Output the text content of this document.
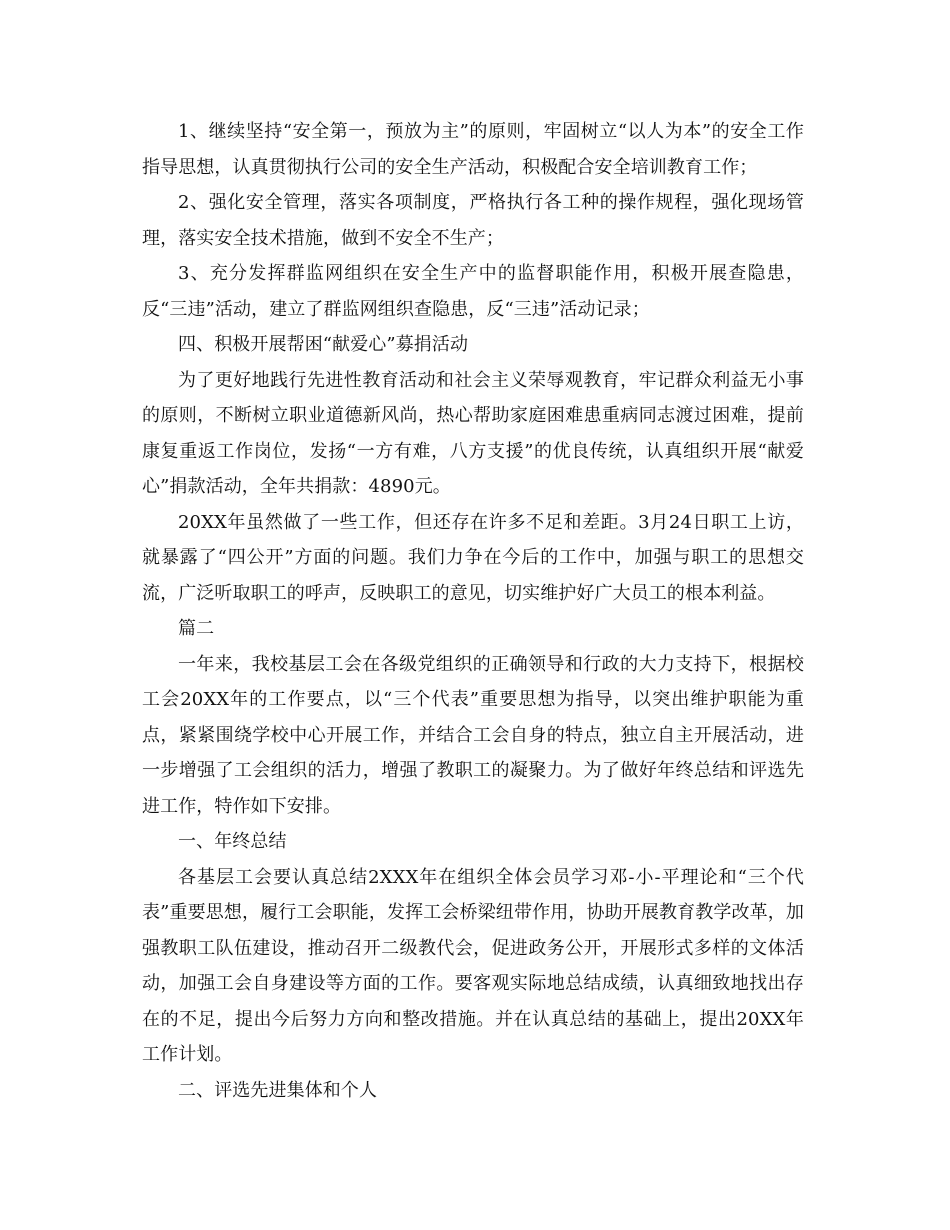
1、继续坚持“安全第一，预放为主”的原则，牢固树立“以人为本”的安全工作指导思想，认真贯彻执行公司的安全生产活动，积极配合安全培训教育工作；

2、强化安全管理，落实各项制度，严格执行各工种的操作规程，强化现场管理，落实安全技术措施，做到不安全不生产；

3、充分发挥群监网组织在安全生产中的监督职能作用，积极开展查隐患，反“三违”活动，建立了群监网组织查隐患，反“三违”活动记录；

四、积极开展帮困“献爱心”募捐活动

为了更好地践行先进性教育活动和社会主义荣辱观教育，牢记群众利益无小事的原则，不断树立职业道德新风尚，热心帮助家庭困难患重病同志渡过困难，提前康复重返工作岗位，发扬“一方有难，八方支援”的优良传统，认真组织开展“献爱心”捐款活动，全年共捐款：4890元。

20XX年虽然做了一些工作，但还存在许多不足和差距。3月24日职工上访，就暴露了“四公开”方面的问题。我们力争在今后的工作中，加强与职工的思想交流，广泛听取职工的呼声，反映职工的意见，切实维护好广大员工的根本利益。

篇二

一年来，我校基层工会在各级党组织的正确领导和行政的大力支持下，根据校工会20XX年的工作要点，以“三个代表”重要思想为指导，以突出维护职能为重点，紧紧围绕学校中心开展工作，并结合工会自身的特点，独立自主开展活动，进一步增强了工会组织的活力，增强了教职工的凝聚力。为了做好年终总结和评选先进工作，特作如下安排。

一、年终总结

各基层工会要认真总结2XXX年在组织全体会员学习邓-小-平理论和“三个代表”重要思想，履行工会职能，发挥工会桥梁纽带作用，协助开展教育教学改革，加强教职工队伍建设，推动召开二级教代会，促进政务公开，开展形式多样的文体活动，加强工会自身建设等方面的工作。要客观实际地总结成绩，认真细致地找出存在的不足，提出今后努力方向和整改措施。并在认真总结的基础上，提出20XX年工作计划。

二、评选先进集体和个人
